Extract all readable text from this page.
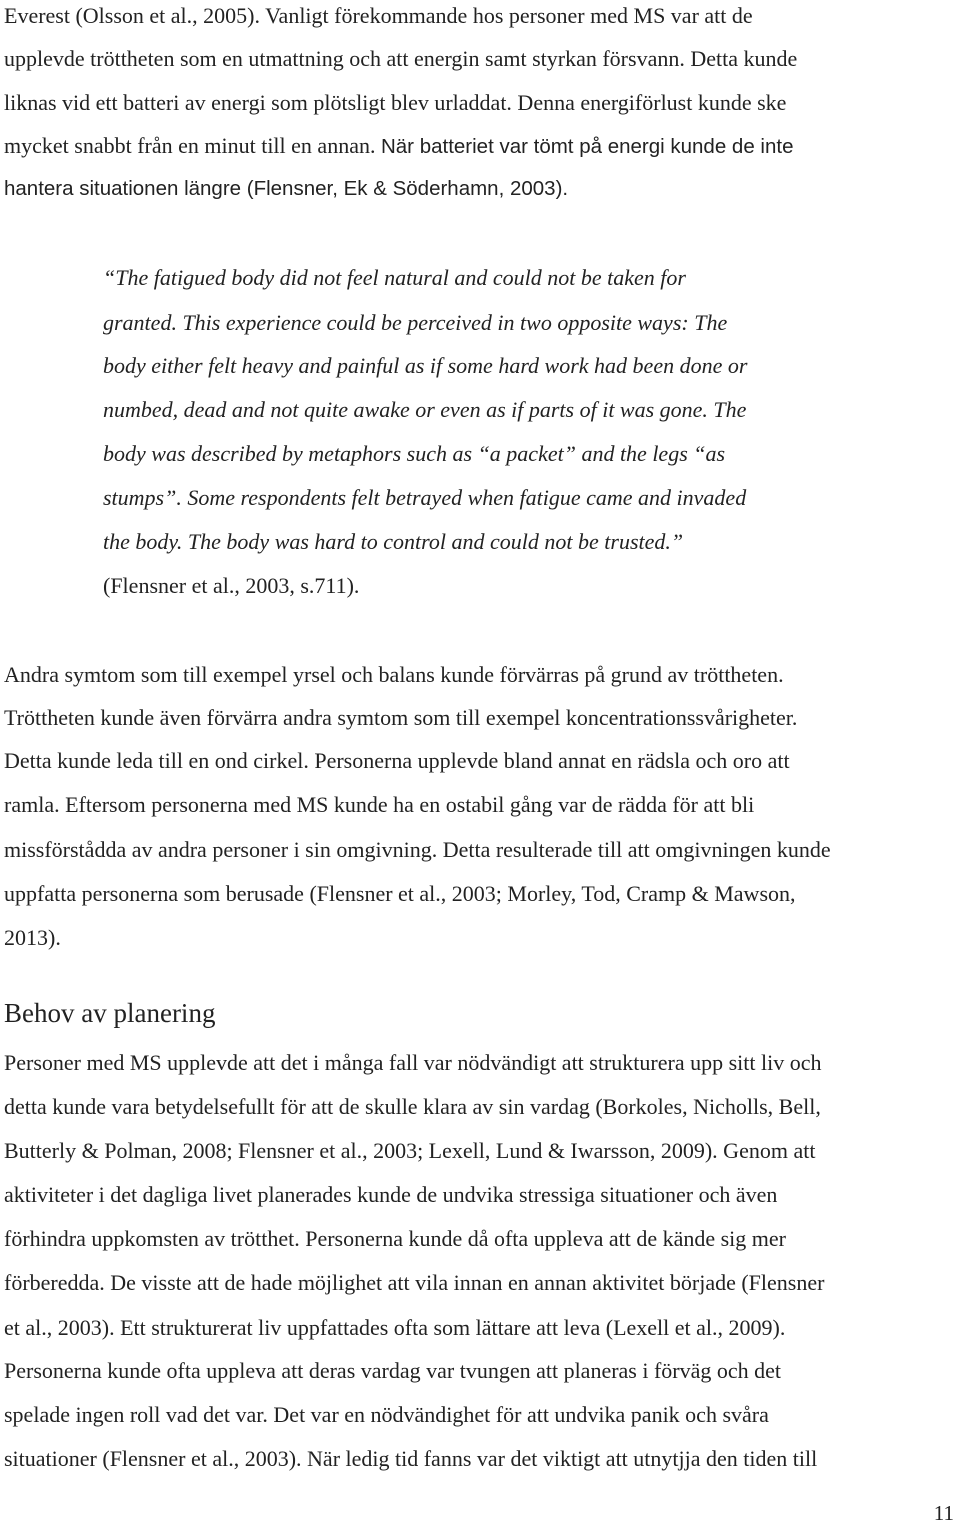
Everest (Olsson et al., 2005). Vanligt förekommande hos personer med MS var att de
upplevde tröttheten som en utmattning och att energin samt styrkan försvann. Detta kunde
liknas vid ett batteri av energi som plötsligt blev urladdat. Denna energiförlust kunde ske
mycket snabbt från en minut till en annan. När batteriet var tömt på energi kunde de inte
hantera situationen längre (Flensner, Ek & Söderhamn, 2003).
“The fatigued body did not feel natural and could not be taken for
granted. This experience could be perceived in two opposite ways: The
body either felt heavy and painful as if some hard work had been done or
numbed, dead and not quite awake or even as if parts of it was gone. The
body was described by metaphors such as “a packet” and the legs “as
stumps”. Some respondents felt betrayed when fatigue came and invaded
the body. The body was hard to control and could not be trusted.”
(Flensner et al., 2003, s.711).
Andra symtom som till exempel yrsel och balans kunde förvärras på grund av tröttheten.
Tröttheten kunde även förvärra andra symtom som till exempel koncentrationssvårigheter.
Detta kunde leda till en ond cirkel. Personerna upplevde bland annat en rädsla och oro att
ramla. Eftersom personerna med MS kunde ha en ostabil gång var de rädda för att bli
missförstådda av andra personer i sin omgivning. Detta resulterade till att omgivningen kunde
uppfatta personerna som berusade (Flensner et al., 2003; Morley, Tod, Cramp & Mawson,
2013).
Behov av planering
Personer med MS upplevde att det i många fall var nödvändigt att strukturera upp sitt liv och
detta kunde vara betydelsefullt för att de skulle klara av sin vardag (Borkoles, Nicholls, Bell,
Butterly & Polman, 2008; Flensner et al., 2003; Lexell, Lund & Iwarsson, 2009). Genom att
aktiviteter i det dagliga livet planerades kunde de undvika stressiga situationer och även
förhindra uppkomsten av trötthet. Personerna kunde då ofta uppleva att de kände sig mer
förberedda. De visste att de hade möjlighet att vila innan en annan aktivitet började (Flensner
et al., 2003). Ett strukturerat liv uppfattades ofta som lättare att leva (Lexell et al., 2009).
Personerna kunde ofta uppleva att deras vardag var tvungen att planeras i förväg och det
spelade ingen roll vad det var. Det var en nödvändighet för att undvika panik och svåra
situationer (Flensner et al., 2003). När ledig tid fanns var det viktigt att utnytjja den tiden till
11
